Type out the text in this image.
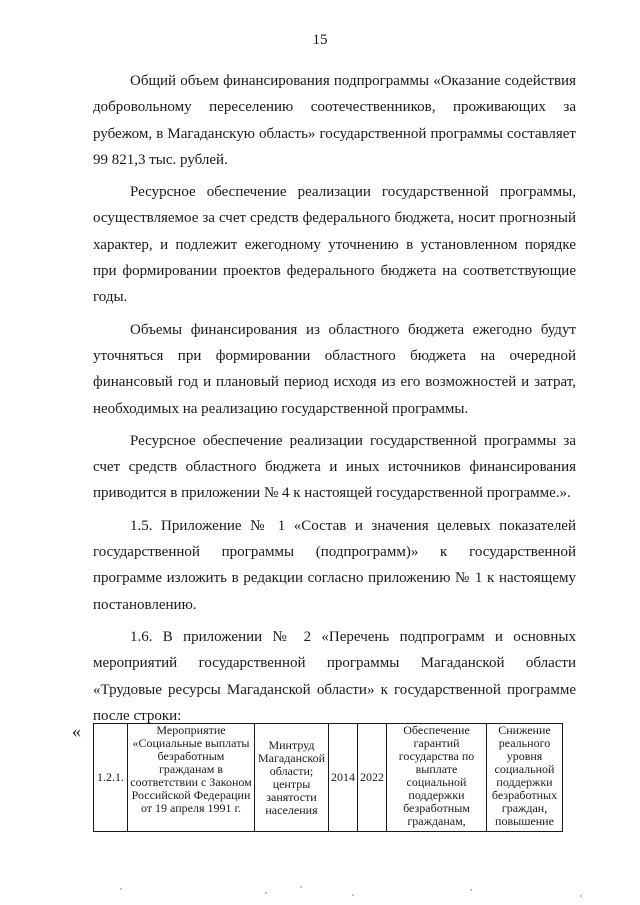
15

Общий объем финансирования подпрограммы «Оказание содействия добровольному переселению соотечественников, проживающих за рубежом, в Магаданскую область» государственной программы составляет 99 821,3 тыс. рублей.

Ресурсное обеспечение реализации государственной программы, осуществляемое за счет средств федерального бюджета, носит прогнозный характер, и подлежит ежегодному уточнению в установленном порядке при формировании проектов федерального бюджета на соответствующие годы.

Объемы финансирования из областного бюджета ежегодно будут уточняться при формировании областного бюджета на очередной финансовый год и плановый период исходя из его возможностей и затрат, необходимых на реализацию государственной программы.

Ресурсное обеспечение реализации государственной программы за счет средств областного бюджета и иных источников финансирования приводится в приложении № 4 к настоящей государственной программе.».

1.5. Приложение № 1 «Состав и значения целевых показателей государственной программы (подпрограмм)» к государственной программе изложить в редакции согласно приложению № 1 к настоящему постановлению.

1.6. В приложении № 2 «Перечень подпрограмм и основных мероприятий государственной программы Магаданской области «Трудовые ресурсы Магаданской области» к государственной программе после строки:

«
1.2.1.	Мероприятие «Социальные выплаты безработным гражданам в соответствии с Законом Российской Федерации от 19 апреля 1991 г.	Минтруд Магаданской области; центры занятости населения	2014	2022	Обеспечение гарантий государства по выплате социальной поддержки безработным гражданам,	Снижение реального уровня социальной поддержки безработных граждан, повышение
